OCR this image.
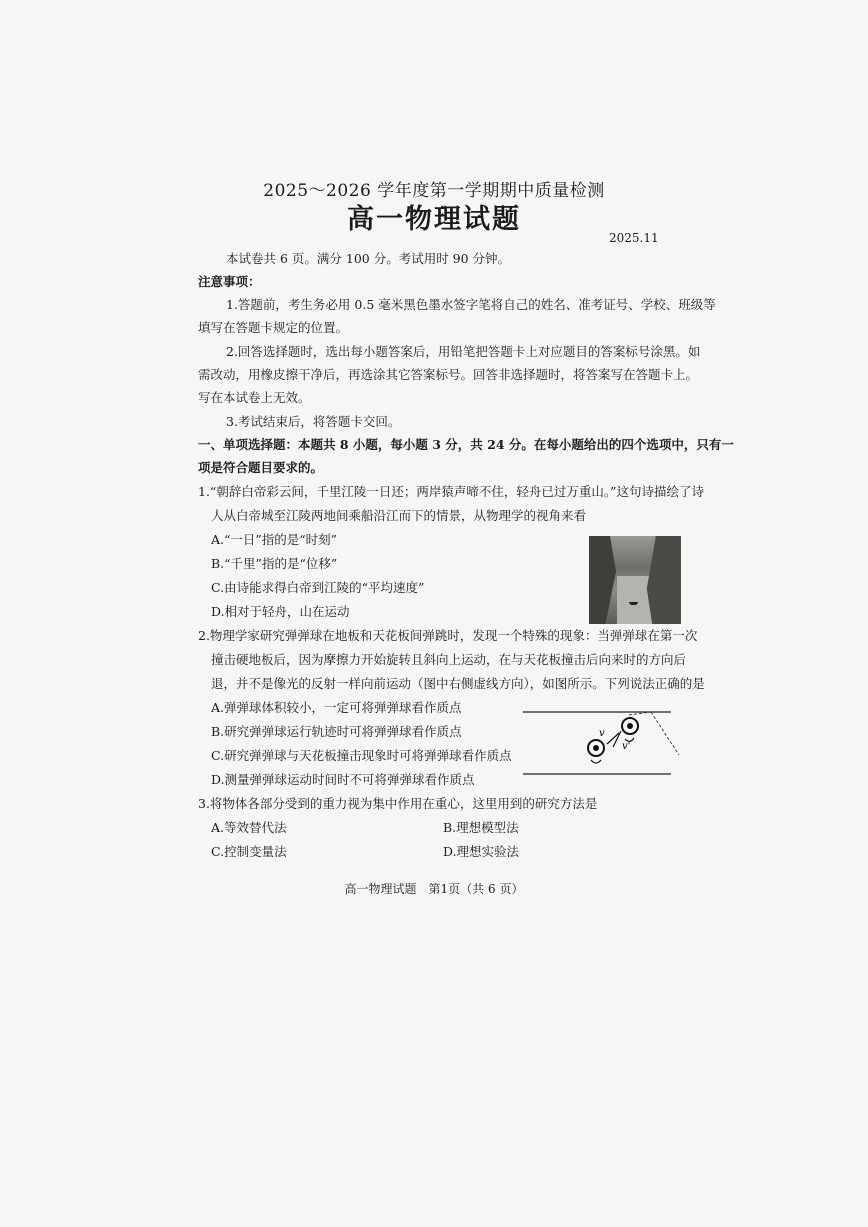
2025～2026 学年度第一学期期中质量检测
高一物理试题
2025.11
本试卷共 6 页。满分 100 分。考试用时 90 分钟。
注意事项：
1.答题前，考生务必用 0.5 毫米黑色墨水签字笔将自己的姓名、准考证号、学校、班级等
填写在答题卡规定的位置。
2.回答选择题时，选出每小题答案后，用铅笔把答题卡上对应题目的答案标号涂黑。如
需改动，用橡皮擦干净后，再选涂其它答案标号。回答非选择题时，将答案写在答题卡上。
写在本试卷上无效。
3.考试结束后，将答题卡交回。
一、单项选择题：本题共 8 小题，每小题 3 分，共 24 分。在每小题给出的四个选项中，只有一
项是符合题目要求的。
1.“朝辞白帝彩云间，千里江陵一日还；两岸猿声啼不住，轻舟已过万重山。”这句诗描绘了诗
人从白帝城至江陵两地间乘船沿江而下的情景，从物理学的视角来看
A.“一日”指的是“时刻”
B.“千里”指的是“位移”
C.由诗能求得白帝到江陵的“平均速度”
D.相对于轻舟，山在运动
2.物理学家研究弹弹球在地板和天花板间弹跳时，发现一个特殊的现象：当弹弹球在第一次
撞击硬地板后，因为摩擦力开始旋转且斜向上运动，在与天花板撞击后向来时的方向后
退，并不是像光的反射一样向前运动（图中右侧虚线方向），如图所示。下列说法正确的是
A.弹弹球体积较小，一定可将弹弹球看作质点
B.研究弹弹球运行轨迹时可将弹弹球看作质点
C.研究弹弹球与天花板撞击现象时可将弹弹球看作质点
D.测量弹弹球运动时间时不可将弹弹球看作质点
v
v'
3.将物体各部分受到的重力视为集中作用在重心，这里用到的研究方法是
A.等效替代法	B.理想模型法
C.控制变量法	D.理想实验法
高一物理试题　第1页（共 6 页）
